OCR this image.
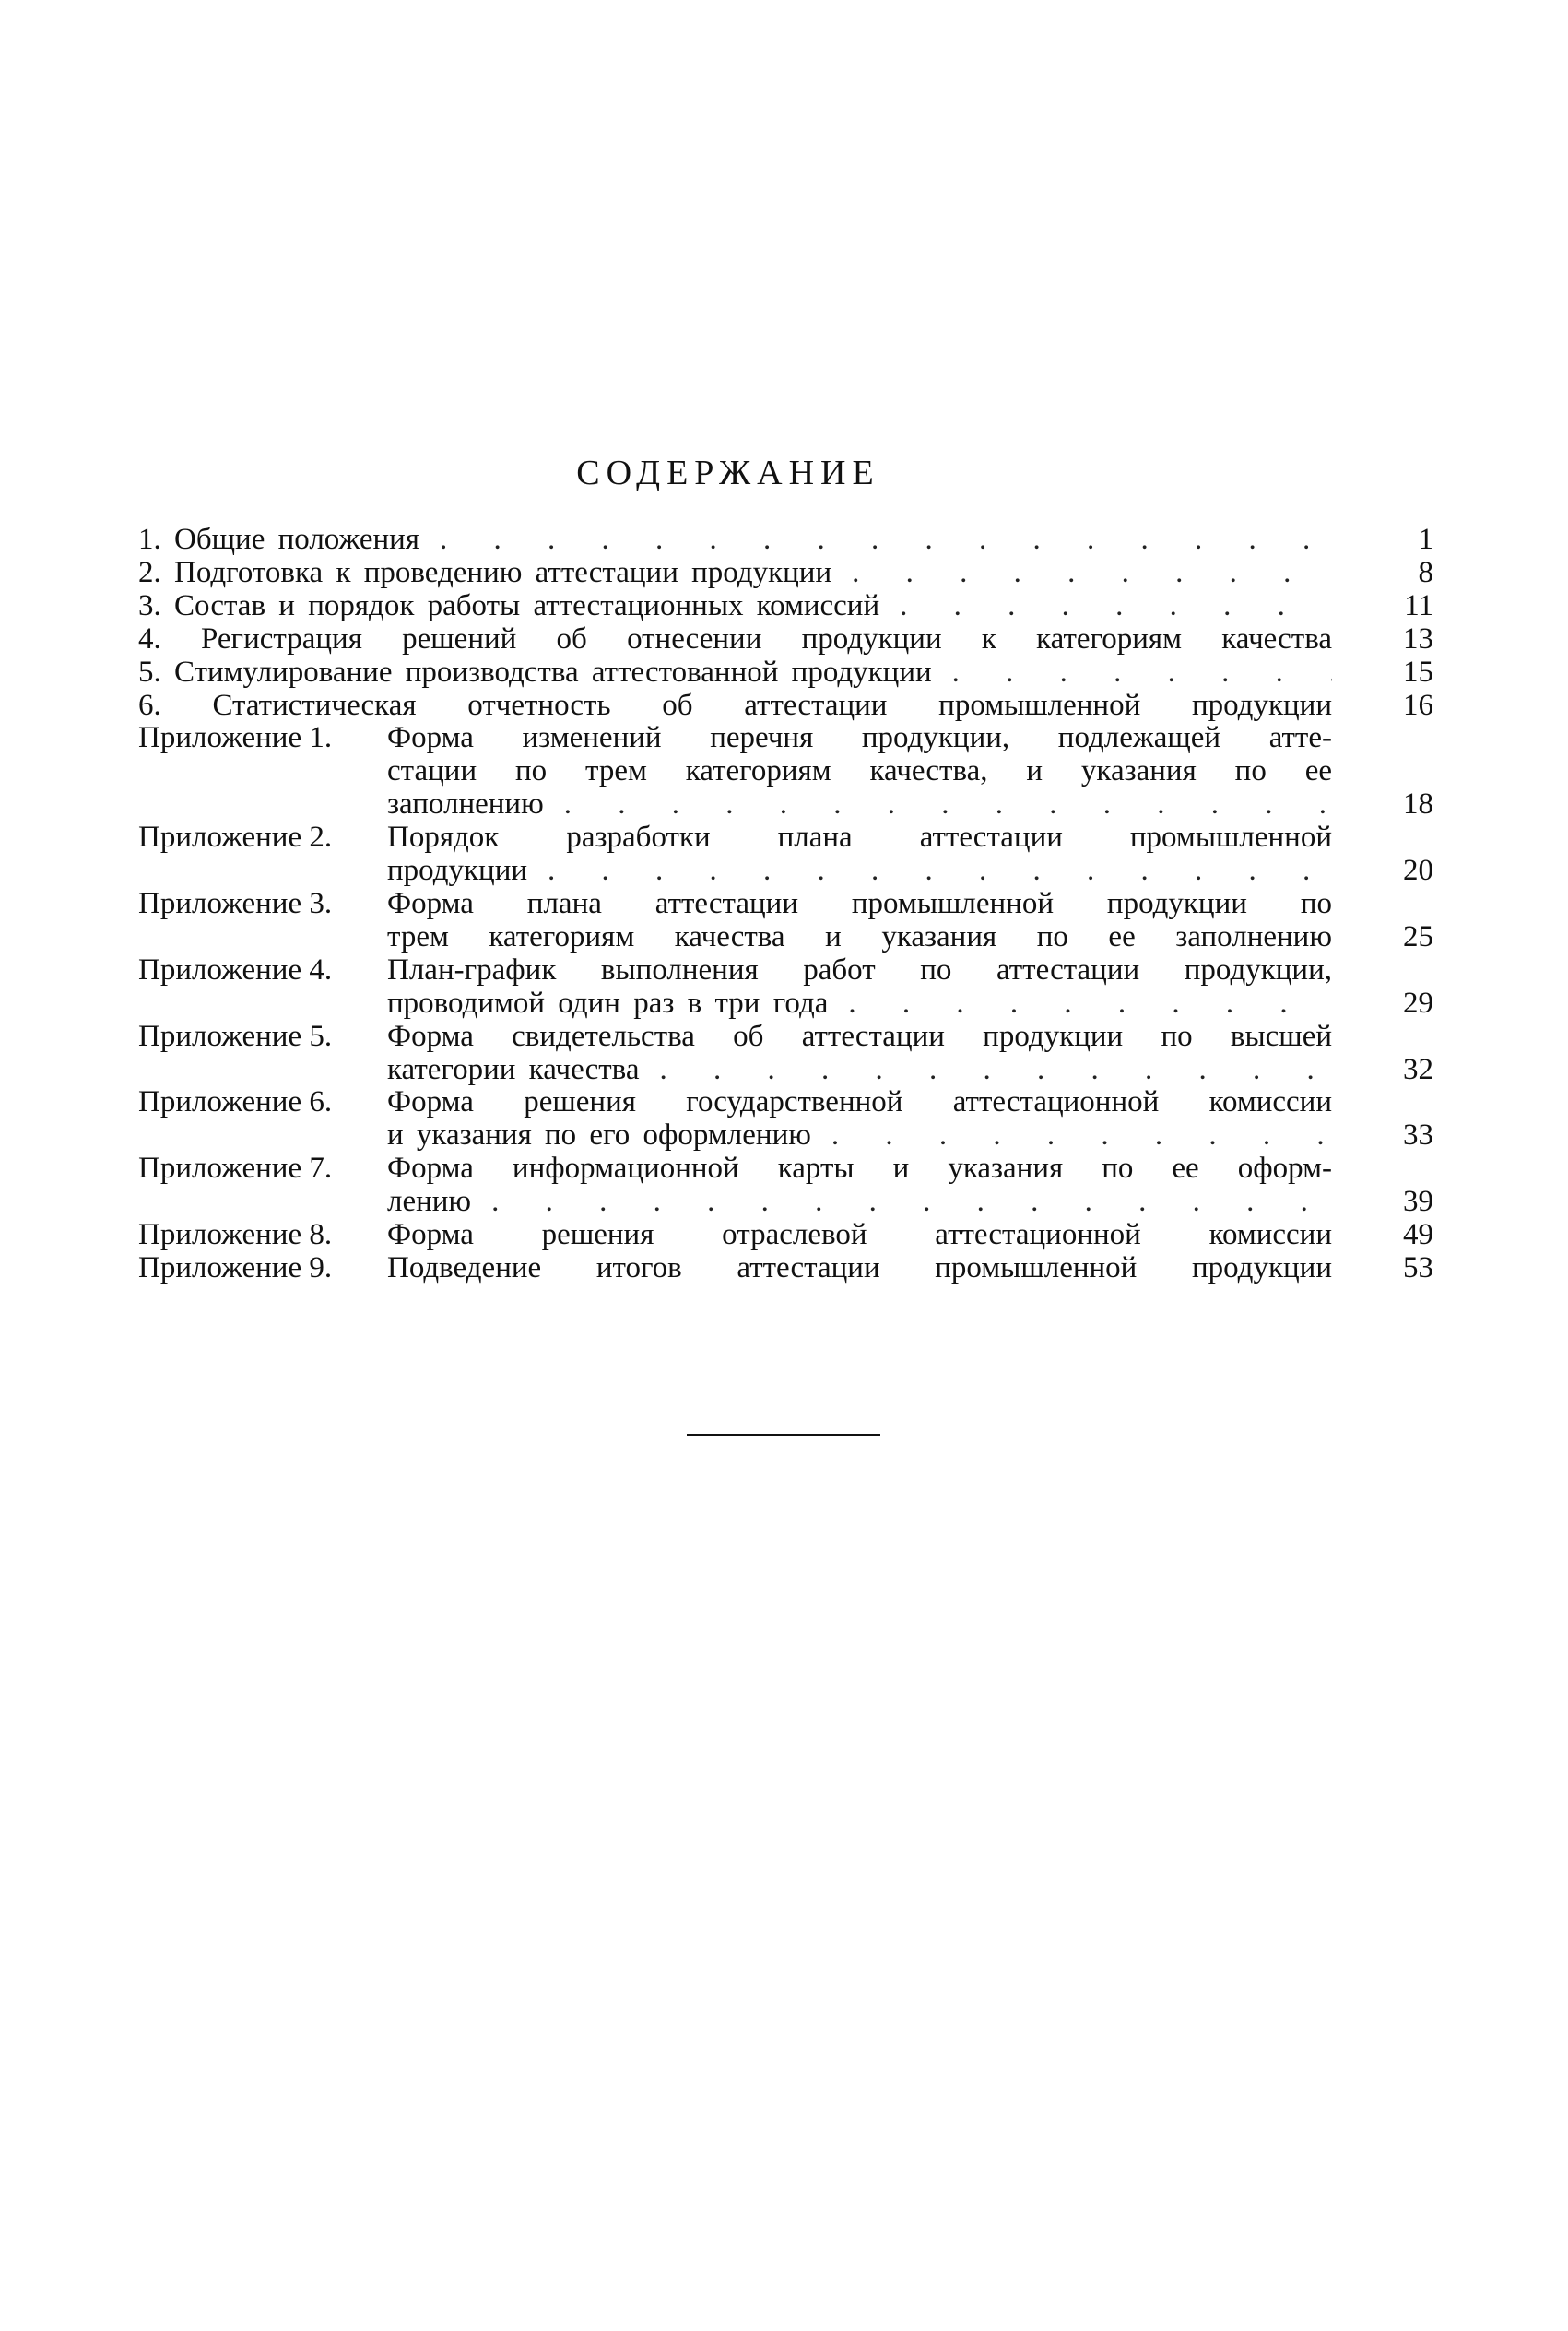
СОДЕРЖАНИЕ
1. Общие положения . . .	1
2. Подготовка к проведению аттестации продукции . . .	8
3. Состав и порядок работы аттестационных комиссий . . .	11
4. Регистрация решений об отнесении продукции к категориям качества	13
5. Стимулирование производства аттестованной продукции . . .	15
6. Статистическая отчетность об аттестации промышленной продукции	16
Приложение 1.	Форма изменений перечня продукции, подлежащей атте-
стации по трем категориям качества, и указания по ее
заполнению . . .	18
Приложение 2.	Порядок разработки плана аттестации промышленной
продукции . . .	20
Приложение 3.	Форма плана аттестации промышленной продукции по
трем категориям качества и указания по ее заполнению	25
Приложение 4.	План-график выполнения работ по аттестации продукции,
проводимой один раз в три года . . .	29
Приложение 5.	Форма свидетельства об аттестации продукции по высшей
категории качества . . .	32
Приложение 6.	Форма решения государственной аттестационной комиссии
и указания по его оформлению . . .	33
Приложение 7.	Форма информационной карты и указания по ее оформ-
лению . . .	39
Приложение 8.	Форма решения отраслевой аттестационной комиссии	49
Приложение 9.	Подведение итогов аттестации промышленной продукции	53
